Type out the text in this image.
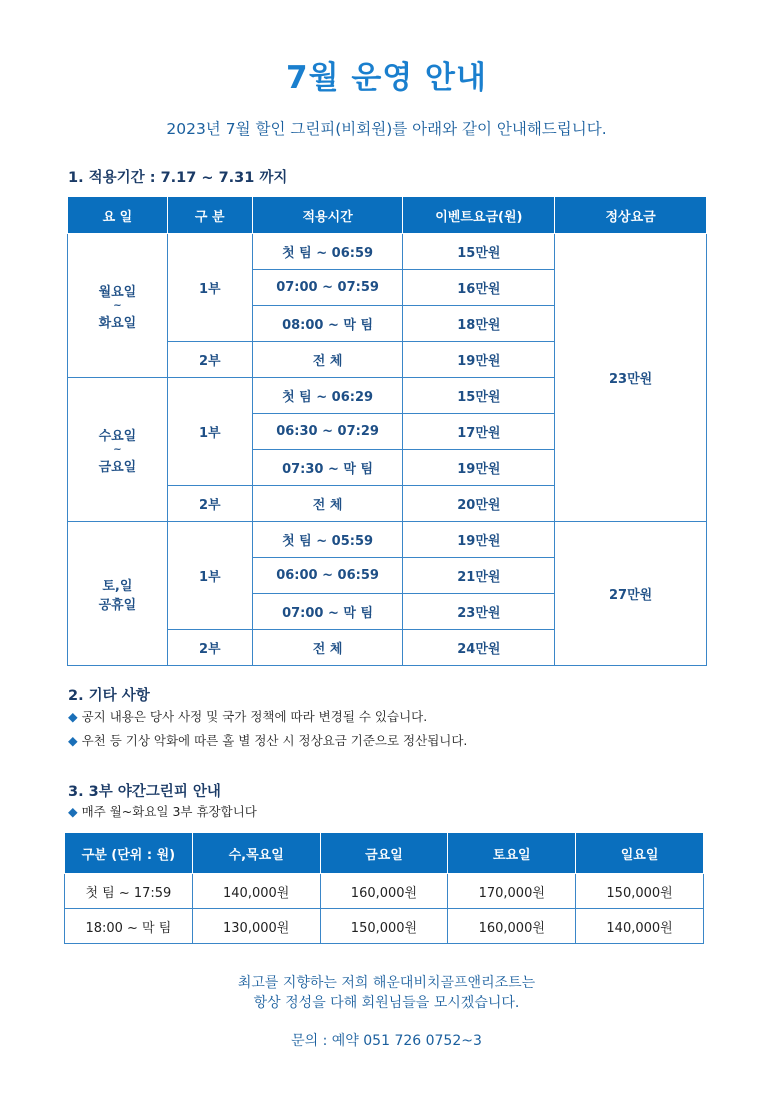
7월 운영 안내
2023년 7월 할인 그린피(비회원)를 아래와 같이 안내해드립니다.
1. 적용기간 : 7.17 ~ 7.31 까지
요 일	구 분	적용시간	이벤트요금(원)	정상요금

월요일
~
화요일	1부	첫 팀 ~ 06:59	15만원	23만원
		07:00 ~ 07:59	16만원	
		08:00 ~ 막 팀	18만원	
	2부	전 체	19만원	

수요일
~
금요일	1부	첫 팀 ~ 06:29	15만원	
		06:30 ~ 07:29	17만원	
		07:30 ~ 막 팀	19만원	
	2부	전 체	20만원	

토,일
공휴일	1부	첫 팀 ~ 05:59	19만원	27만원
		06:00 ~ 06:59	21만원	
		07:00 ~ 막 팀	23만원	
	2부	전 체	24만원	
2. 기타 사항
◆ 공지 내용은 당사 사정 및 국가 정책에 따라 변경될 수 있습니다.
◆ 우천 등 기상 악화에 따른 홀 별 정산 시 정상요금 기준으로 정산됩니다.
3. 3부 야간그린피 안내
◆ 매주 월~화요일 3부 휴장합니다
구분 (단위 : 원)	수,목요일	금요일	토요일	일요일
첫 팀 ~ 17:59	140,000원	160,000원	170,000원	150,000원
18:00 ~ 막 팀	130,000원	150,000원	160,000원	140,000원
최고를 지향하는 저희 해운대비치골프앤리조트는
항상 정성을 다해 회원님들을 모시겠습니다.
문의 : 예약 051 726 0752~3
